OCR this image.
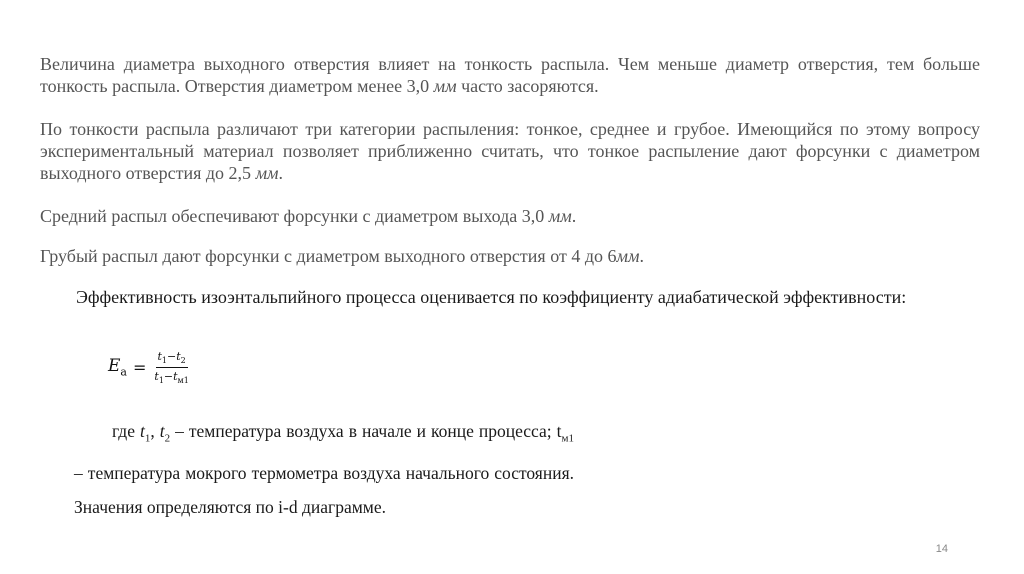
Величина диаметра выходного отверстия влияет на тонкость распыла. Чем меньше диаметр отверстия, тем больше тонкость распыла. Отверстия диаметром менее 3,0 мм часто засоряются.

По тонкости распыла различают три категории распыления: тонкое, среднее и грубое. Имеющийся по этому вопросу экспериментальный материал позволяет приближенно считать, что тонкое распыление дают форсунки с диаметром выходного отверстия до 2,5 мм.

Средний распыл обеспечивают форсунки с диаметром выхода 3,0 мм.

Грубый распыл дают форсунки с диаметром выходного отверстия от 4 до 6мм.

Эффективность изоэнтальпийного процесса оценивается по коэффициенту адиабатической эффективности:

$E_а = \frac{t_1-t_2}{t_1-t_{м1}}$

где $t_1$, $t_2$ – температура воздуха в начале и конце процесса; $t_{м1}$ – температура мокрого термометра воздуха начального состояния. Значения определяются по i-d диаграмме.

14
